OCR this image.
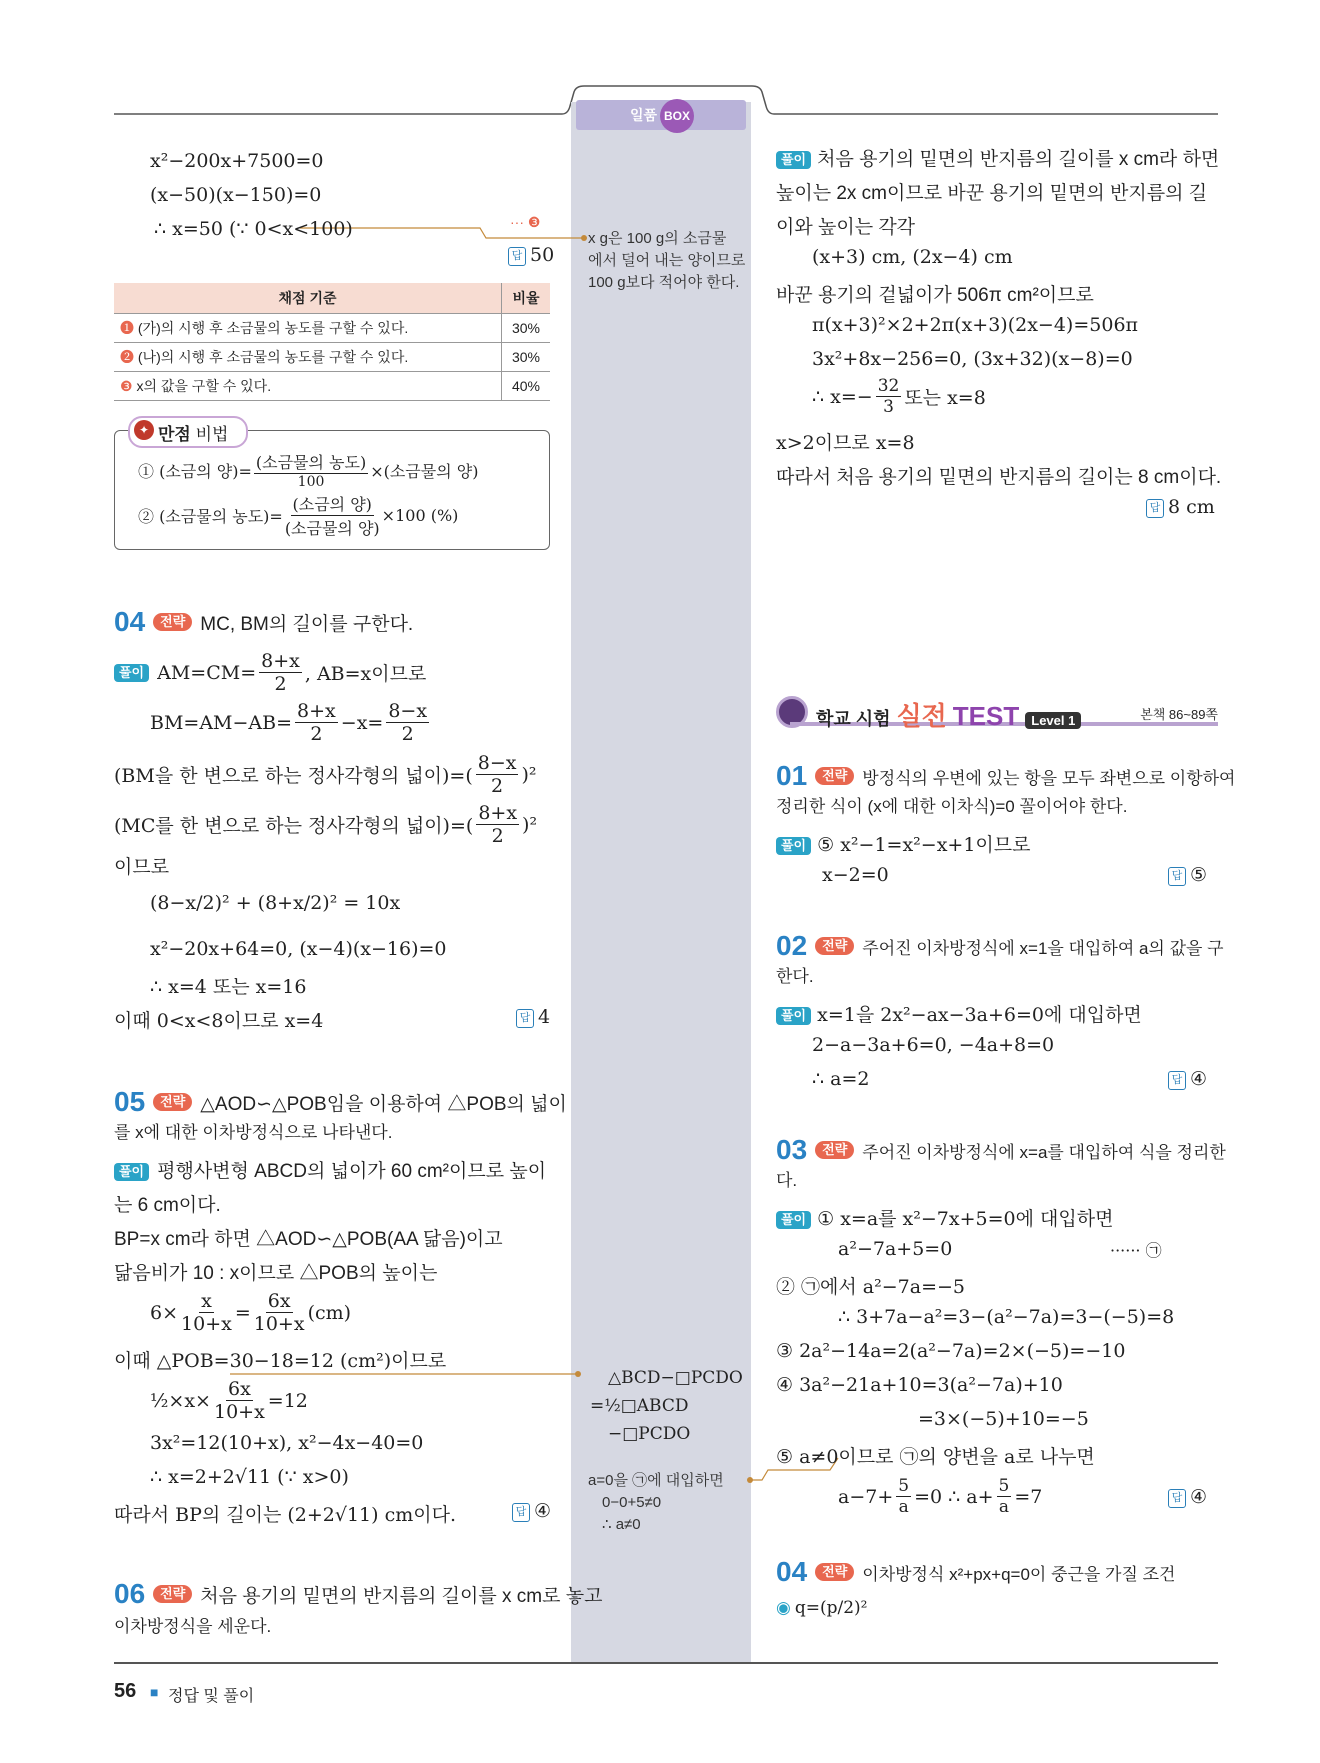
일품 BOX
x g은 100 g의 소금물
에서 덜어 내는 양이므로
100 g보다 적어야 한다.
△BCD−□PCDO
=½□ABCD
−□PCDO
a=0을 ㉠에 대입하면
0−0+5≠0
∴ a≠0
x²−200x+7500=0
(x−50)(x−150)=0
∴ x=50 (∵ 0<x<100)	··· ❸
답 50
채점 기준	비율
❶ (가)의 시행 후 소금물의 농도를 구할 수 있다.	30%
❷ (나)의 시행 후 소금물의 농도를 구할 수 있다.	30%
❸ x의 값을 구할 수 있다.	40%
✦ 만점 비법
① (소금의 양)= (소금물의 농도)
100
×(소금물의 양)
② (소금물의 농도)=
(소금의 양)
(소금물의 양)
×100 (%)
04	전략 MC, BM의 길이를 구한다.
풀이 $AM=CM= \frac{8+x}{2}$ , AB=x이므로
$BM=AM-AB= \frac{8+x}{2} -x= \frac{8-x}{2}$
(BM을 한 변으로 하는 정사각형의 넓이)=(
8−x
2
)²
(MC를 한 변으로 하는 정사각형의 넓이)=(
8+x
2
)²
이므로
(8−x/2)² + (8+x/2)² = 10x
x²−20x+64=0, (x−4)(x−16)=0
∴ x=4 또는 x=16
이때 0<x<8이므로 x=4	답 4
05	전략 △AOD∽△POB임을 이용하여 △POB의 넓이
를 x에 대한 이차방정식으로 나타낸다.
풀이 평행사변형 ABCD의 넓이가 60 cm²이므로 높이
는 6 cm이다.
BP=x cm라 하면 △AOD∽△POB(AA 닮음)이고
닮음비가 10 : x이므로 △POB의 높이는
$6\times \frac{x}{10+x} = \frac{6x}{10+x} (cm)$
이때 △POB=30−18=12 (cm²)이므로
½×x× $\frac{6x}{10+x} =12$
3x²=12(10+x), x²−4x−40=0
∴ x=2+2√11 (∵ x>0)
따라서 BP의 길이는 (2+2√11) cm이다.	답 ④
06	전략 처음 용기의 밑면의 반지름의 길이를 x cm로 놓고
이차방정식을 세운다.
풀이 처음 용기의 밑면의 반지름의 길이를 x cm라 하면
높이는 2x cm이므로 바꾼 용기의 밑면의 반지름의 길
이와 높이는 각각
(x+3) cm, (2x−4) cm
바꾼 용기의 겉넓이가 506π cm²이므로
π(x+3)²×2+2π(x+3)(2x−4)=506π
3x²+8x−256=0, (3x+32)(x−8)=0
∴ $x=- \frac{32}{3}$ 또는 x=8
x>2이므로 x=8
따라서 처음 용기의 밑면의 반지름의 길이는 8 cm이다.
답 8 cm
학교 시험 실전 TEST Level 1	본책 86~89쪽
01	전략 방정식의 우변에 있는 항을 모두 좌변으로 이항하여
정리한 식이 (x에 대한 이차식)=0 꼴이어야 한다.
풀이 ⑤ x²−1=x²−x+1이므로
x−2=0	답 ⑤
02	전략 주어진 이차방정식에 x=1을 대입하여 a의 값을 구
한다.
풀이 x=1을 2x²−ax−3a+6=0에 대입하면
2−a−3a+6=0, −4a+8=0
∴ a=2	답 ④
03	전략 주어진 이차방정식에 x=a를 대입하여 식을 정리한
다.
풀이 ① x=a를 x²−7x+5=0에 대입하면
a²−7a+5=0	······ ㉠
② ㉠에서 a²−7a=−5
∴ 3+7a−a²=3−(a²−7a)=3−(−5)=8
③ 2a²−14a=2(a²−7a)=2×(−5)=−10
④ 3a²−21a+10=3(a²−7a)+10
=3×(−5)+10=−5
⑤ a≠0이므로 ㉠의 양변을 a로 나누면
$a-7+ \frac{5}{a} =0$ ∴ $a+ \frac{5}{a} =7$	답 ④
04	전략 이차방정식 x²+px+q=0이 중근을 가질 조건
◉ q=(p/2)²
56 ■ 정답 및 풀이
